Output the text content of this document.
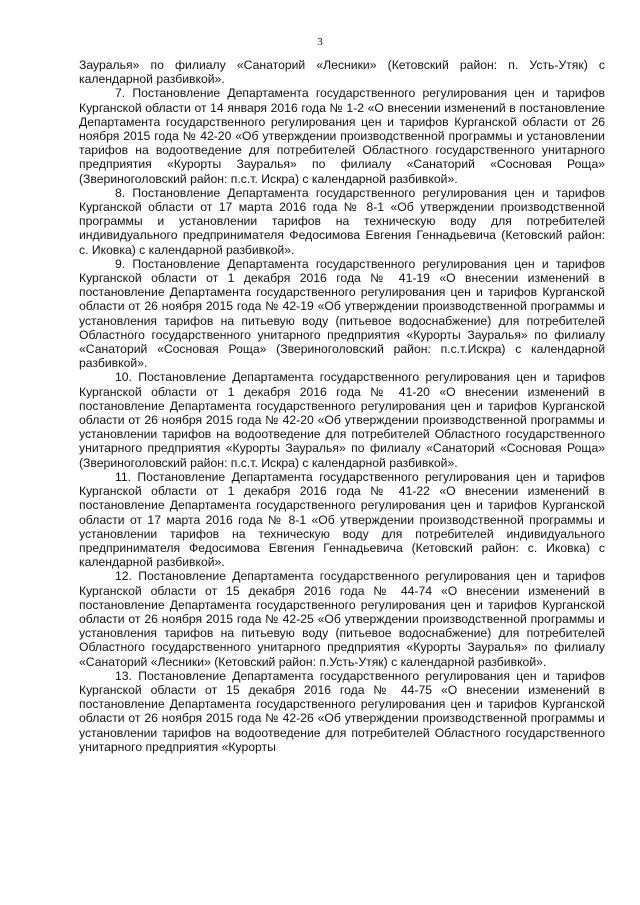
3

Зауралья» по филиалу «Санаторий «Лесники» (Кетовский район: п. Усть-Утяк) с календарной разбивкой».

7. Постановление Департамента государственного регулирования цен и тарифов Курганской области от 14 января 2016 года № 1-2 «О внесении изменений в постановление Департамента государственного регулирования цен и тарифов Курганской области от 26 ноября 2015 года № 42-20 «Об утверждении производственной программы и установлении тарифов на водоотведение для потребителей Областного государственного унитарного предприятия «Курорты Зауралья» по филиалу «Санаторий «Сосновая Роща» (Звериноголовский район: п.с.т. Искра) с календарной разбивкой».

8. Постановление Департамента государственного регулирования цен и тарифов Курганской области от 17 марта 2016 года № 8-1 «Об утверждении производственной программы и установлении тарифов на техническую воду для потребителей индивидуального предпринимателя Федосимова Евгения Геннадьевича (Кетовский район: с. Иковка) с календарной разбивкой».

9. Постановление Департамента государственного регулирования цен и тарифов Курганской области от 1 декабря 2016 года № 41-19 «О внесении изменений в постановление Департамента государственного регулирования цен и тарифов Курганской области от 26 ноября 2015 года № 42-19 «Об утверждении производственной программы и установления тарифов на питьевую воду (питьевое водоснабжение) для потребителей Областного государственного унитарного предприятия «Курорты Зауралья» по филиалу «Санаторий «Сосновая Роща» (Звериноголовский район: п.с.т.Искра) с календарной разбивкой».

10. Постановление Департамента государственного регулирования цен и тарифов Курганской области от 1 декабря 2016 года № 41-20 «О внесении изменений в постановление Департамента государственного регулирования цен и тарифов Курганской области от 26 ноября 2015 года № 42-20 «Об утверждении производственной программы и установлении тарифов на водоотведение для потребителей Областного государственного унитарного предприятия «Курорты Зауралья» по филиалу «Санаторий «Сосновая Роща» (Звериноголовский район: п.с.т. Искра) с календарной разбивкой».

11. Постановление Департамента государственного регулирования цен и тарифов Курганской области от 1 декабря 2016 года № 41-22 «О внесении изменений в постановление Департамента государственного регулирования цен и тарифов Курганской области от 17 марта 2016 года № 8-1 «Об утверждении производственной программы и установлении тарифов на техническую воду для потребителей индивидуального предпринимателя Федосимова Евгения Геннадьевича (Кетовский район: с. Иковка) с календарной разбивкой».

12. Постановление Департамента государственного регулирования цен и тарифов Курганской области от 15 декабря 2016 года № 44-74 «О внесении изменений в постановление Департамента государственного регулирования цен и тарифов Курганской области от 26 ноября 2015 года № 42-25 «Об утверждении производственной программы и установления тарифов на питьевую воду (питьевое водоснабжение) для потребителей Областного государственного унитарного предприятия «Курорты Зауралья» по филиалу «Санаторий «Лесники» (Кетовский район: п.Усть-Утяк) с календарной разбивкой».

13. Постановление Департамента государственного регулирования цен и тарифов Курганской области от 15 декабря 2016 года № 44-75 «О внесении изменений в постановление Департамента государственного регулирования цен и тарифов Курганской области от 26 ноября 2015 года № 42-26 «Об утверждении производственной программы и установлении тарифов на водоотведение для потребителей Областного государственного унитарного предприятия «Курорты
